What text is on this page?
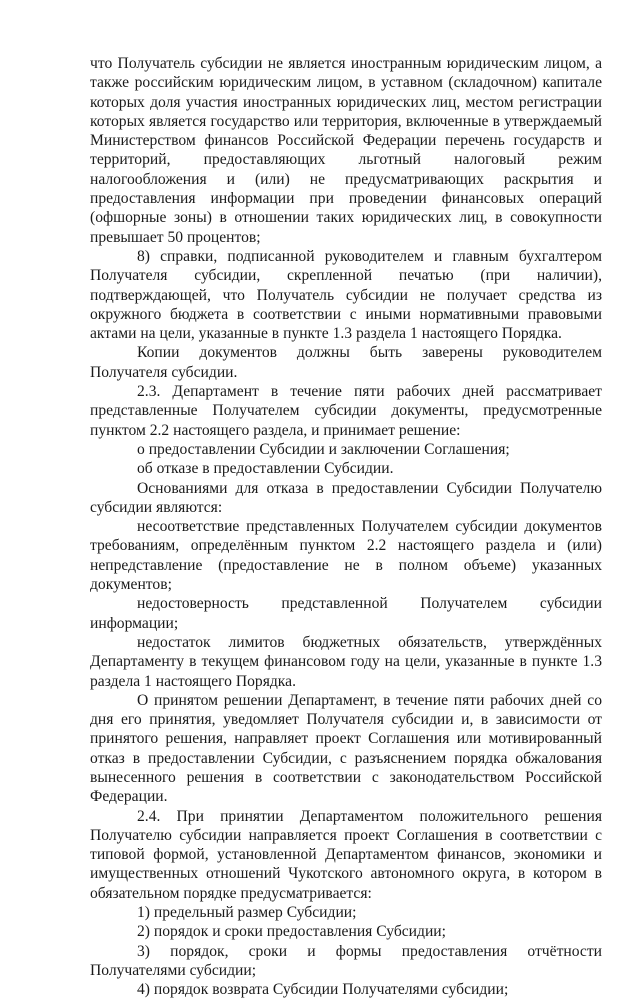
что Получатель субсидии не является иностранным юридическим лицом, а также российским юридическим лицом, в уставном (складочном) капитале которых доля участия иностранных юридических лиц, местом регистрации которых является государство или территория, включенные в утверждаемый Министерством финансов Российской Федерации перечень государств и территорий, предоставляющих льготный налоговый режим налогообложения и (или) не предусматривающих раскрытия и предоставления информации при проведении финансовых операций (офшорные зоны) в отношении таких юридических лиц, в совокупности превышает 50 процентов;

8) справки, подписанной руководителем и главным бухгалтером Получателя субсидии, скрепленной печатью (при наличии), подтверждающей, что Получатель субсидии не получает средства из окружного бюджета в соответствии с иными нормативными правовыми актами на цели, указанные в пункте 1.3 раздела 1 настоящего Порядка.

Копии документов должны быть заверены руководителем Получателя субсидии.

2.3. Департамент в течение пяти рабочих дней рассматривает представленные Получателем субсидии документы, предусмотренные пунктом 2.2 настоящего раздела, и принимает решение:

о предоставлении Субсидии и заключении Соглашения;

об отказе в предоставлении Субсидии.

Основаниями для отказа в предоставлении Субсидии Получателю субсидии являются:

несоответствие представленных Получателем субсидии документов требованиям, определённым пунктом 2.2 настоящего раздела и (или) непредставление (предоставление не в полном объеме) указанных документов;

недостоверность представленной Получателем субсидии информации;

недостаток лимитов бюджетных обязательств, утверждённых Департаменту в текущем финансовом году на цели, указанные в пункте 1.3 раздела 1 настоящего Порядка.

О принятом решении Департамент, в течение пяти рабочих дней со дня его принятия, уведомляет Получателя субсидии и, в зависимости от принятого решения, направляет проект Соглашения или мотивированный отказ в предоставлении Субсидии, с разъяснением порядка обжалования вынесенного решения в соответствии с законодательством Российской Федерации.

2.4. При принятии Департаментом положительного решения Получателю субсидии направляется проект Соглашения в соответствии с типовой формой, установленной Департаментом финансов, экономики и имущественных отношений Чукотского автономного округа, в котором в обязательном порядке предусматривается:

1) предельный размер Субсидии;

2) порядок и сроки предоставления Субсидии;

3) порядок, сроки и формы предоставления отчётности Получателями субсидии;

4) порядок возврата Субсидии Получателями субсидии;
